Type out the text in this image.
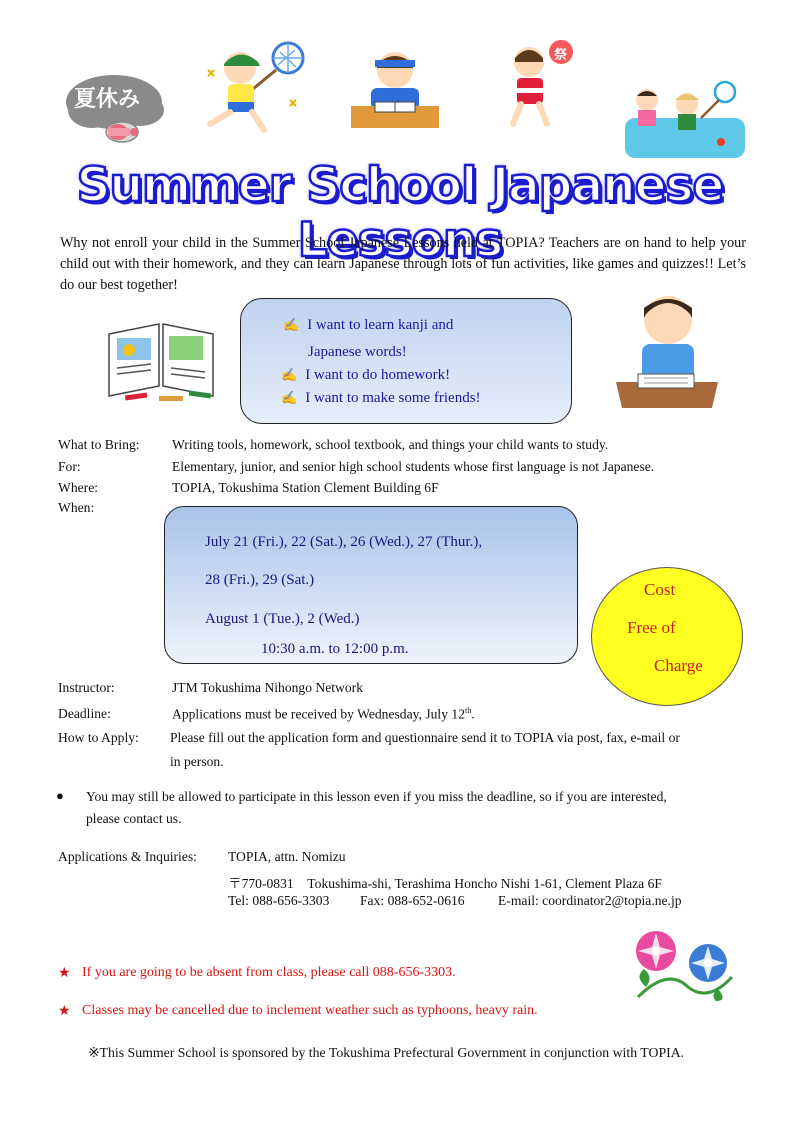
夏休み
祭
Summer School Japanese Lessons
Why not enroll your child in the Summer School Japanese Lessons held at TOPIA? Teachers are on hand to help your child out with their homework, and they can learn Japanese through lots of fun activities, like games and quizzes!! Let’s do our best together!
✍ I want to learn kanji and
Japanese words!
✍ I want to do homework!
✍ I want to make some friends!
What to Bring: Writing tools, homework, school textbook, and things your child wants to study.
For:	Elementary, junior, and senior high school students whose first language is not Japanese.
Where:	TOPIA, Tokushima Station Clement Building 6F
When:
July 21 (Fri.), 22 (Sat.), 26 (Wed.), 27 (Thur.),
28 (Fri.), 29 (Sat.)
August 1 (Tue.), 2 (Wed.)
10:30 a.m. to 12:00 p.m.
Cost
Free of
Charge
Instructor:	JTM Tokushima Nihongo Network
Deadline:	Applications must be received by Wednesday, July 12th.
How to Apply: Please fill out the application form and questionnaire send it to TOPIA via post, fax, e-mail or
in person.
● You may still be allowed to participate in this lesson even if you miss the deadline, so if you are interested,
please contact us.
Applications & Inquiries: TOPIA, attn. Nomizu
〒770-0831　Tokushima-shi, Terashima Honcho Nishi 1-61, Clement Plaza 6F
Tel: 088-656-3303 Fax: 088-652-0616 E-mail: coordinator2@topia.ne.jp
★ If you are going to be absent from class, please call 088-656-3303.
★ Classes may be cancelled due to inclement weather such as typhoons, heavy rain.
※This Summer School is sponsored by the Tokushima Prefectural Government in conjunction with TOPIA.
